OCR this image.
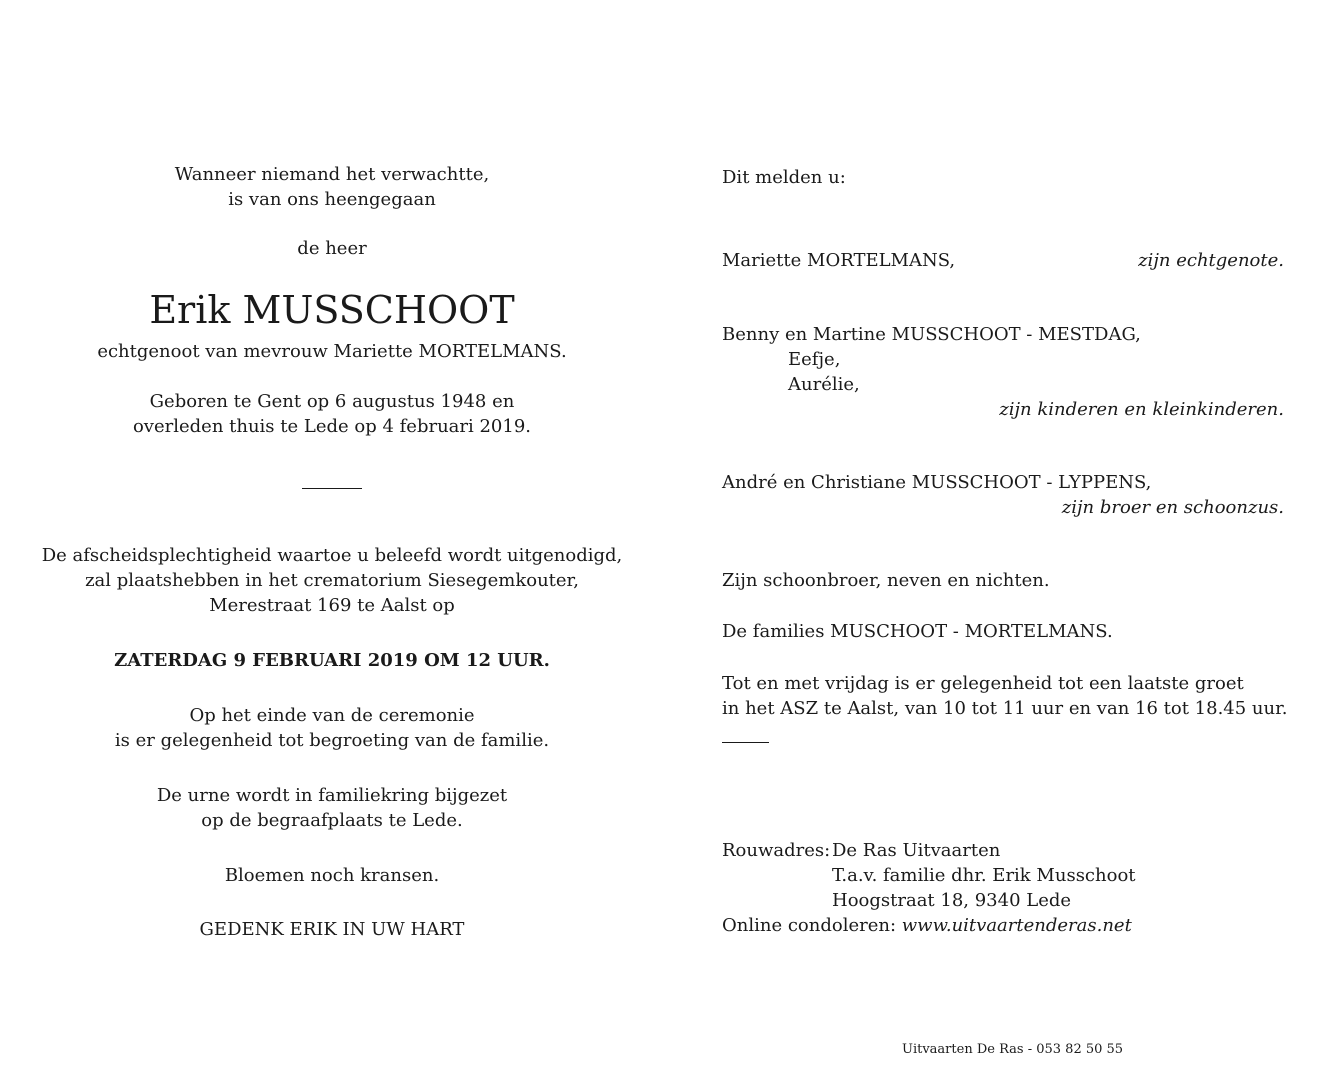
Wanneer niemand het verwachtte,
is van ons heengegaan
de heer
Erik MUSSCHOOT
echtgenoot van mevrouw Mariette MORTELMANS.
Geboren te Gent op 6 augustus 1948 en
overleden thuis te Lede op 4 februari 2019.
De afscheidsplechtigheid waartoe u beleefd wordt uitgenodigd,
zal plaatshebben in het crematorium Siesegemkouter,
Merestraat 169 te Aalst op
ZATERDAG 9 FEBRUARI 2019 OM 12 UUR.
Op het einde van de ceremonie
is er gelegenheid tot begroeting van de familie.
De urne wordt in familiekring bijgezet
op de begraafplaats te Lede.
Bloemen noch kransen.
GEDENK ERIK IN UW HART
Dit melden u:
Mariette MORTELMANS,	zijn echtgenote.
Benny en Martine MUSSCHOOT - MESTDAG,
Eefje,
Aurélie,
zijn kinderen en kleinkinderen.
André en Christiane MUSSCHOOT - LYPPENS,
zijn broer en schoonzus.
Zijn schoonbroer, neven en nichten.
De families MUSCHOOT - MORTELMANS.
Tot en met vrijdag is er gelegenheid tot een laatste groet
in het ASZ te Aalst, van 10 tot 11 uur en van 16 tot 18.45 uur.
Rouwadres: De Ras Uitvaarten
T.a.v. familie dhr. Erik Musschoot
Hoogstraat 18, 9340 Lede
Online condoleren: www.uitvaartenderas.net
Uitvaarten De Ras - 053 82 50 55
